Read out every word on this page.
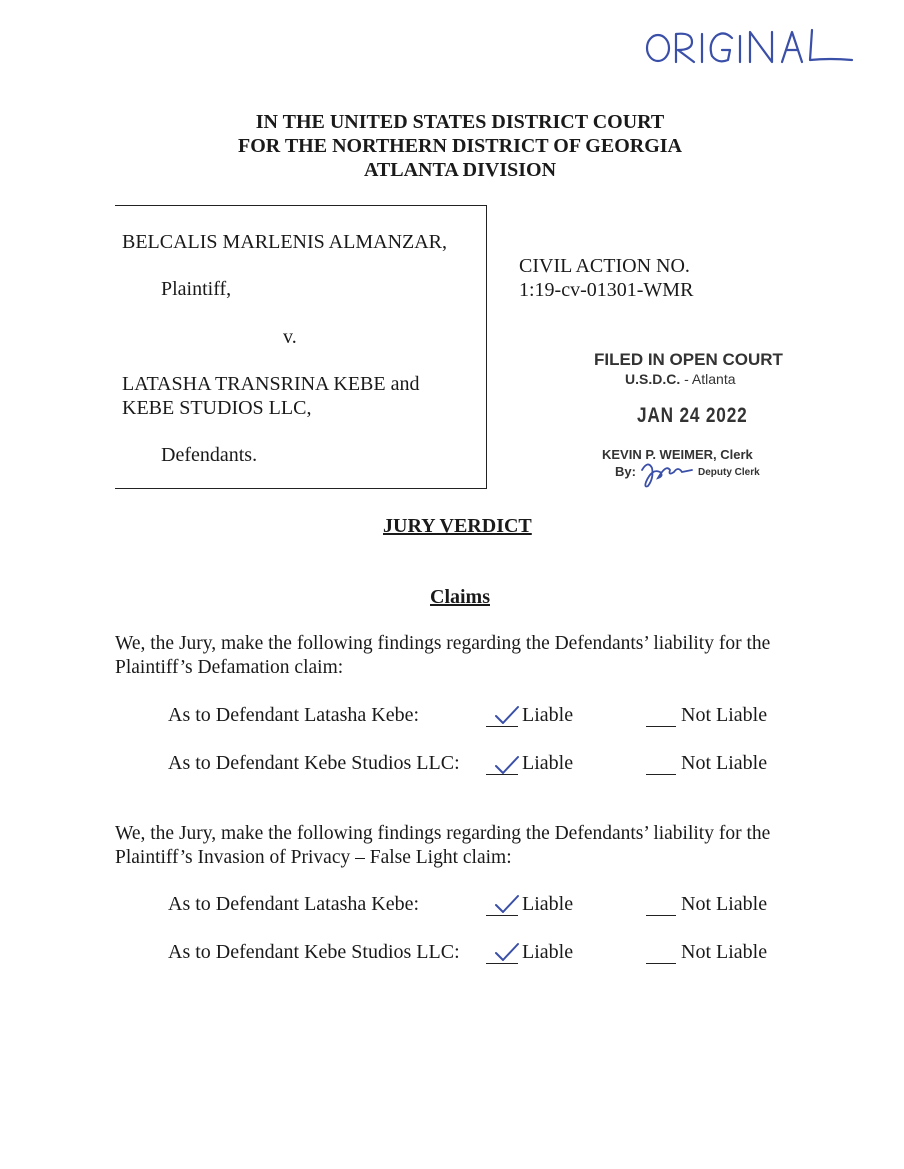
IN THE UNITED STATES DISTRICT COURT
FOR THE NORTHERN DISTRICT OF GEORGIA
ATLANTA DIVISION
BELCALIS MARLENIS ALMANZAR,
Plaintiff,
v.
LATASHA TRANSRINA KEBE and
KEBE STUDIOS LLC,
Defendants.
CIVIL ACTION NO.
1:19-cv-01301-WMR
FILED IN OPEN COURT
U.S.D.C. - Atlanta
JAN 24 2022
KEVIN P. WEIMER, Clerk
By:	Deputy Clerk
JURY VERDICT
Claims
We, the Jury, make the following findings regarding the Defendants’ liability for the
Plaintiff’s Defamation claim:
As to Defendant Latasha Kebe:	Liable	Not Liable
As to Defendant Kebe Studios LLC:	Liable	Not Liable
We, the Jury, make the following findings regarding the Defendants’ liability for the
Plaintiff’s Invasion of Privacy – False Light claim:
As to Defendant Latasha Kebe:	Liable	Not Liable
As to Defendant Kebe Studios LLC:	Liable	Not Liable
